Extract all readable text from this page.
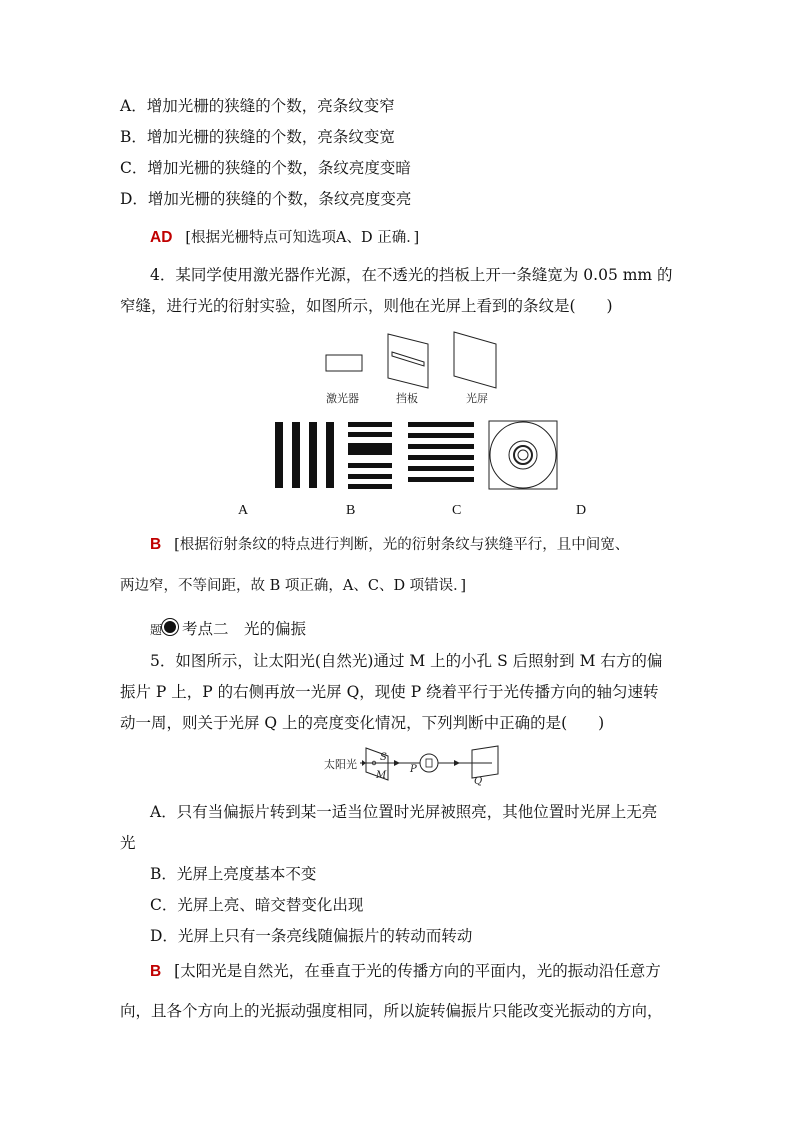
A．增加光栅的狭缝的个数，亮条纹变窄
B．增加光栅的狭缝的个数，亮条纹变宽
C．增加光栅的狭缝的个数，条纹亮度变暗
D．增加光栅的狭缝的个数，条纹亮度变亮
AD [根据光栅特点可知选项A、D 正确．]
4．某同学使用激光器作光源，在不透光的挡板上开一条缝宽为 0.05 mm 的
窄缝，进行光的衍射实验，如图所示，则他在光屏上看到的条纹是(　　)
激光器	挡板	光屏
A	B	C	D
B [根据衍射条纹的特点进行判断，光的衍射条纹与狭缝平行，且中间宽、
两边窄，不等间距，故 B 项正确，A、C、D 项错误．]
题 考点二　光的偏振
5．如图所示，让太阳光(自然光)通过 M 上的小孔 S 后照射到 M 右方的偏
振片 P 上，P 的右侧再放一光屏 Q，现使 P 绕着平行于光传播方向的轴匀速转
动一周，则关于光屏 Q 上的亮度变化情况，下列判断中正确的是(　　)
太阳光
M
S
P
Q
A．只有当偏振片转到某一适当位置时光屏被照亮，其他位置时光屏上无亮
光
B．光屏上亮度基本不变
C．光屏上亮、暗交替变化出现
D．光屏上只有一条亮线随偏振片的转动而转动
B [太阳光是自然光，在垂直于光的传播方向的平面内，光的振动沿任意方
向，且各个方向上的光振动强度相同，所以旋转偏振片只能改变光振动的方向，
